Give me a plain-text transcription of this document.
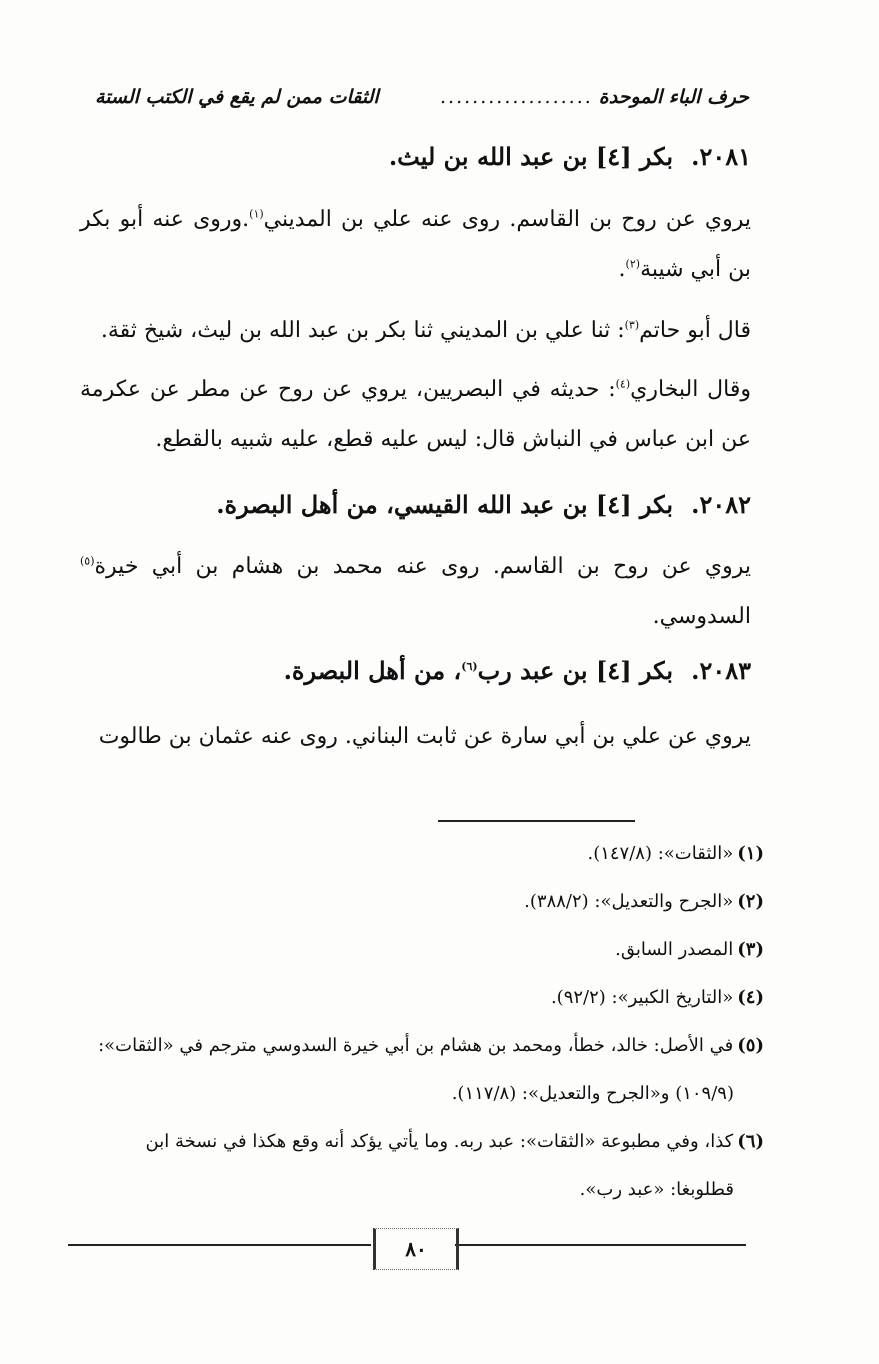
حرف الباء الموحدة
...................
الثقات ممن لم يقع في الكتب الستة
٢٠٨١.بكر [٤] بن عبد الله بن ليث.
يروي عن روح بن القاسم. روى عنه علي بن المديني$^{(١)}$.وروى عنه أبو بكر بن أبي شيبة$^{(٢)}$.
قال أبو حاتم$^{(٣)}$: ثنا علي بن المديني ثنا بكر بن عبد الله بن ليث، شيخ ثقة.
وقال البخاري$^{(٤)}$: حديثه في البصريين، يروي عن روح عن مطر عن عكرمة عن ابن عباس في النباش قال: ليس عليه قطع، عليه شبيه بالقطع.
٢٠٨٢.بكر [٤] بن عبد الله القيسي، من أهل البصرة.
يروي عن روح بن القاسم. روى عنه محمد بن هشام بن أبي خيرة$^{(٥)}$ السدوسي.
٢٠٨٣.بكر [٤] بن عبد رب$^{(٦)}$، من أهل البصرة.
يروي عن علي بن أبي سارة عن ثابت البناني. روى عنه عثمان بن طالوت
(١)«الثقات»: (١٤٧/٨).
(٢)«الجرح والتعديل»: (٣٨٨/٢).
(٣)المصدر السابق.
(٤)«التاريخ الكبير»: (٩٢/٢).
(٥)في الأصل: خالد، خطأ، ومحمد بن هشام بن أبي خيرة السدوسي مترجم في «الثقات»:
(١٠٩/٩) و«الجرح والتعديل»: (١١٧/٨).
(٦)كذا، وفي مطبوعة «الثقات»: عبد ربه. وما يأتي يؤكد أنه وقع هكذا في نسخة ابن
قطلوبغا: «عبد رب».
٨٠
